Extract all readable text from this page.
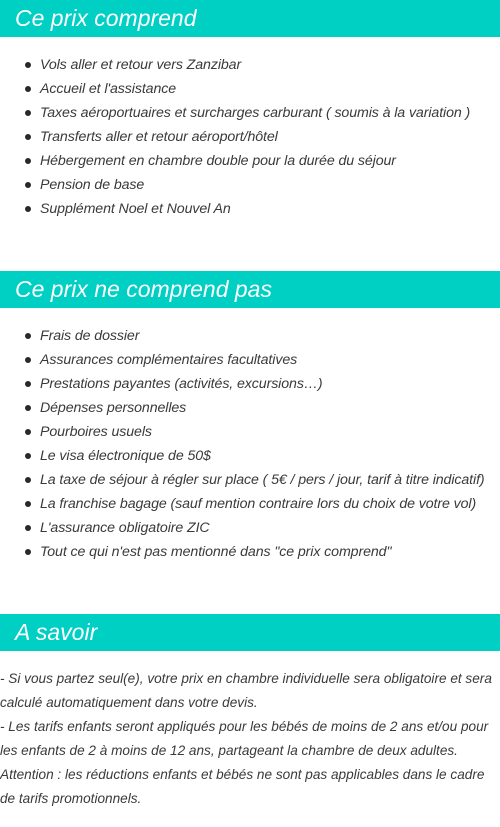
Ce prix comprend
Vols aller et retour vers Zanzibar
Accueil et l'assistance
Taxes aéroportuaires et surcharges carburant ( soumis à la variation )
Transferts aller et retour aéroport/hôtel
Hébergement en chambre double pour la durée du séjour
Pension de base
Supplément Noel et Nouvel An
Ce prix ne comprend pas
Frais de dossier
Assurances complémentaires facultatives
Prestations payantes (activités, excursions…)
Dépenses personnelles
Pourboires usuels
Le visa électronique de 50$
La taxe de séjour à régler sur place ( 5€ / pers / jour, tarif à titre indicatif)
La franchise bagage (sauf mention contraire lors du choix de votre vol)
L'assurance obligatoire ZIC
Tout ce qui n'est pas mentionné dans "ce prix comprend"
A savoir

- Si vous partez seul(e), votre prix en chambre individuelle sera obligatoire et sera calculé automatiquement dans votre devis.

- Les tarifs enfants seront appliqués pour les bébés de moins de 2 ans et/ou pour les enfants de 2 à moins de 12 ans, partageant la chambre de deux adultes.

Attention : les réductions enfants et bébés ne sont pas applicables dans le cadre de tarifs promotionnels.
